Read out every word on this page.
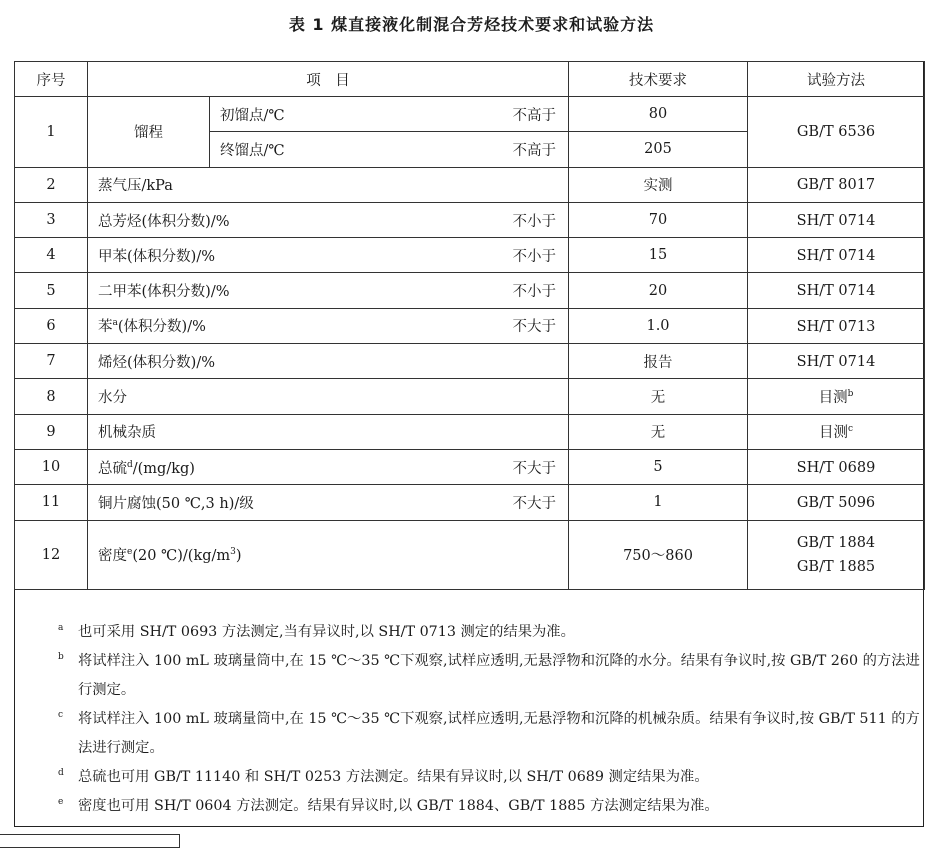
表 1 煤直接液化制混合芳烃技术要求和试验方法
序号	项　目		技术要求	试验方法
1	馏程	初馏点/℃ 不高于	80	GB/T 6536

		终馏点/℃ 不高于	205	
2	蒸气压/kPa		实测	GB/T 8017
3	总芳烃(体积分数)/% 不小于		70	SH/T 0714
4	甲苯(体积分数)/% 不小于		15	SH/T 0714
5	二甲苯(体积分数)/% 不小于		20	SH/T 0714
6	苯$^a$(体积分数)/% 不大于		1.0	SH/T 0713
7	烯烃(体积分数)/%		报告	SH/T 0714
8	水分		无	目测$^b$
9	机械杂质		无	目测$^c$
10	总硫$^d$/(mg/kg) 不大于		5	SH/T 0689
11	铜片腐蚀(50 ℃,3 h)/级 不大于		1	GB/T 5096
12	密度$^e$(20 $℃)/(kg/m^3)$		750～860	GB/T 1884
GB/T 1885
a 也可采用 SH/T 0693 方法测定,当有异议时,以 SH/T 0713 测定的结果为准。
b 将试样注入 100 mL 玻璃量筒中,在 15 ℃～35 ℃下观察,试样应透明,无悬浮物和沉降的水分。结果有争议时,按 GB/T 260 的方法进行测定。
c 将试样注入 100 mL 玻璃量筒中,在 15 ℃～35 ℃下观察,试样应透明,无悬浮物和沉降的机械杂质。结果有争议时,按 GB/T 511 的方法进行测定。
d 总硫也可用 GB/T 11140 和 SH/T 0253 方法测定。结果有异议时,以 SH/T 0689 测定结果为准。
e 密度也可用 SH/T 0604 方法测定。结果有异议时,以 GB/T 1884、GB/T 1885 方法测定结果为准。
